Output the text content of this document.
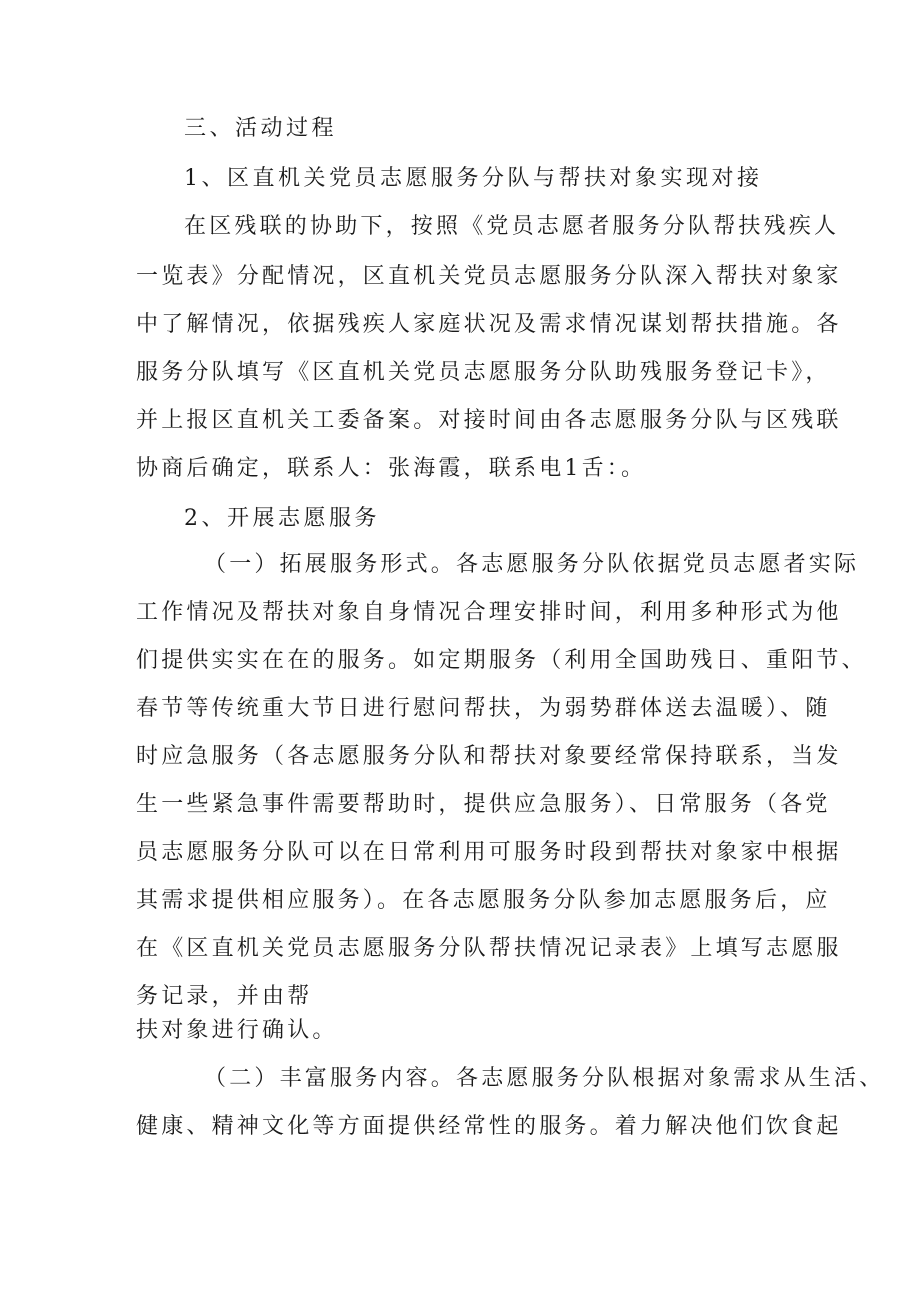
三、活动过程
1、区直机关党员志愿服务分队与帮扶对象实现对接
在区残联的协助下，按照《党员志愿者服务分队帮扶残疾人
一览表》分配情况，区直机关党员志愿服务分队深入帮扶对象家
中了解情况，依据残疾人家庭状况及需求情况谋划帮扶措施。各
服务分队填写《区直机关党员志愿服务分队助残服务登记卡》，
并上报区直机关工委备案。对接时间由各志愿服务分队与区残联
协商后确定，联系人：张海霞，联系电1舌：。
2、开展志愿服务
（一）拓展服务形式。各志愿服务分队依据党员志愿者实际
工作情况及帮扶对象自身情况合理安排时间，利用多种形式为他
们提供实实在在的服务。如定期服务（利用全国助残日、重阳节、
春节等传统重大节日进行慰问帮扶，为弱势群体送去温暖）、随
时应急服务（各志愿服务分队和帮扶对象要经常保持联系，当发
生一些紧急事件需要帮助时，提供应急服务）、日常服务（各党
员志愿服务分队可以在日常利用可服务时段到帮扶对象家中根据
其需求提供相应服务）。在各志愿服务分队参加志愿服务后，应
在《区直机关党员志愿服务分队帮扶情况记录表》上填写志愿服
务记录，并由帮
扶对象进行确认。
（二）丰富服务内容。各志愿服务分队根据对象需求从生活、
健康、精神文化等方面提供经常性的服务。着力解决他们饮食起
